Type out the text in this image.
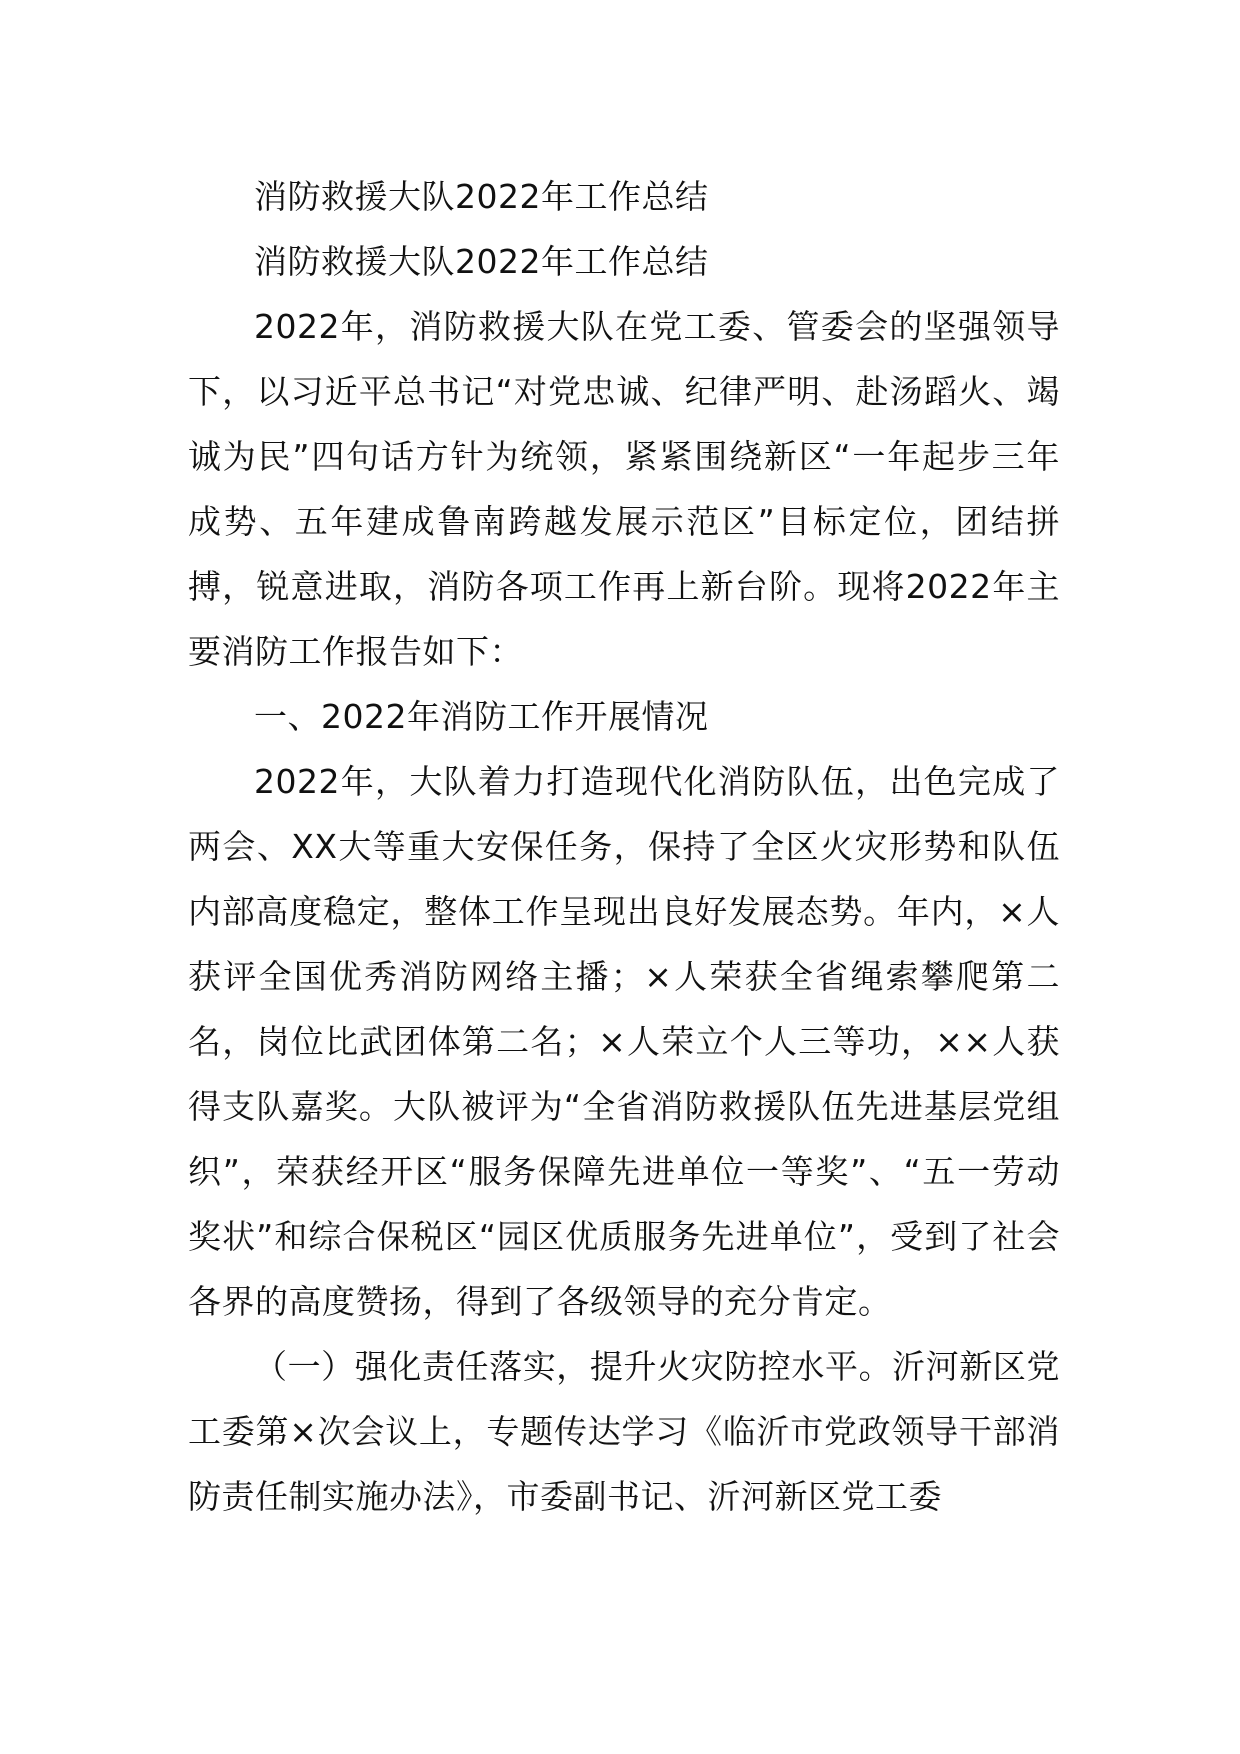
消防救援大队2022年工作总结

消防救援大队2022年工作总结

2022年，消防救援大队在党工委、管委会的坚强领导下，以习近平总书记“对党忠诚、纪律严明、赴汤蹈火、竭诚为民”四句话方针为统领，紧紧围绕新区“一年起步三年成势、五年建成鲁南跨越发展示范区”目标定位，团结拼搏，锐意进取，消防各项工作再上新台阶。现将2022年主要消防工作报告如下：

一、2022年消防工作开展情况

2022年，大队着力打造现代化消防队伍，出色完成了两会、XX大等重大安保任务，保持了全区火灾形势和队伍内部高度稳定，整体工作呈现出良好发展态势。年内，×人获评全国优秀消防网络主播；×人荣获全省绳索攀爬第二名，岗位比武团体第二名；×人荣立个人三等功，××人获得支队嘉奖。大队被评为“全省消防救援队伍先进基层党组织”，荣获经开区“服务保障先进单位一等奖”、“五一劳动奖状”和综合保税区“园区优质服务先进单位”，受到了社会各界的高度赞扬，得到了各级领导的充分肯定。

（一）强化责任落实，提升火灾防控水平。沂河新区党工委第×次会议上，专题传达学习《临沂市党政领导干部消防责任制实施办法》，市委副书记、沂河新区党工委
